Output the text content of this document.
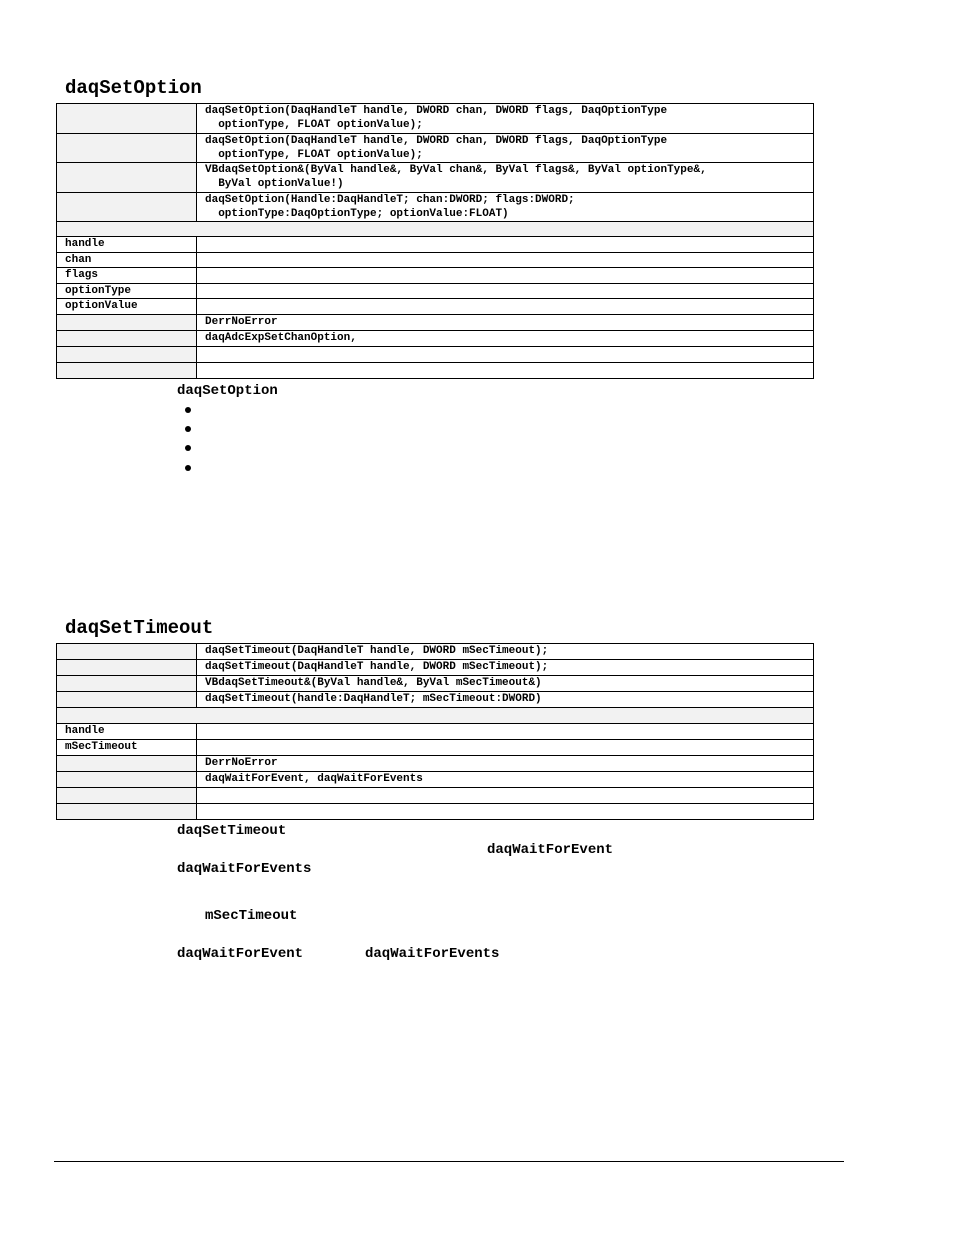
daqSetOption
	daqSetOption(DaqHandleT handle, DWORD chan, DWORD flags, DaqOptionType
optionType, FLOAT optionValue);
	daqSetOption(DaqHandleT handle, DWORD chan, DWORD flags, DaqOptionType
optionType, FLOAT optionValue);
	VBdaqSetOption&(ByVal handle&, ByVal chan&, ByVal flags&, ByVal optionType&,
ByVal optionValue!)
	daqSetOption(Handle:DaqHandleT; chan:DWORD; flags:DWORD;
optionType:DaqOptionType; optionValue:FLOAT)

handle	
chan	
flags	
optionType	
optionValue	
	DerrNoError
	daqAdcExpSetChanOption,

daqSetOption
daqSetTimeout
	daqSetTimeout(DaqHandleT handle, DWORD mSecTimeout);
	daqSetTimeout(DaqHandleT handle, DWORD mSecTimeout);
	VBdaqSetTimeout&(ByVal handle&, ByVal mSecTimeout&)
	daqSetTimeout(handle:DaqHandleT; mSecTimeout:DWORD)

handle	
mSecTimeout	
	DerrNoError
	daqWaitForEvent, daqWaitForEvents

daqSetTimeout
daqWaitForEvent
daqWaitForEvents
mSecTimeout
daqWaitForEvent	daqWaitForEvents
